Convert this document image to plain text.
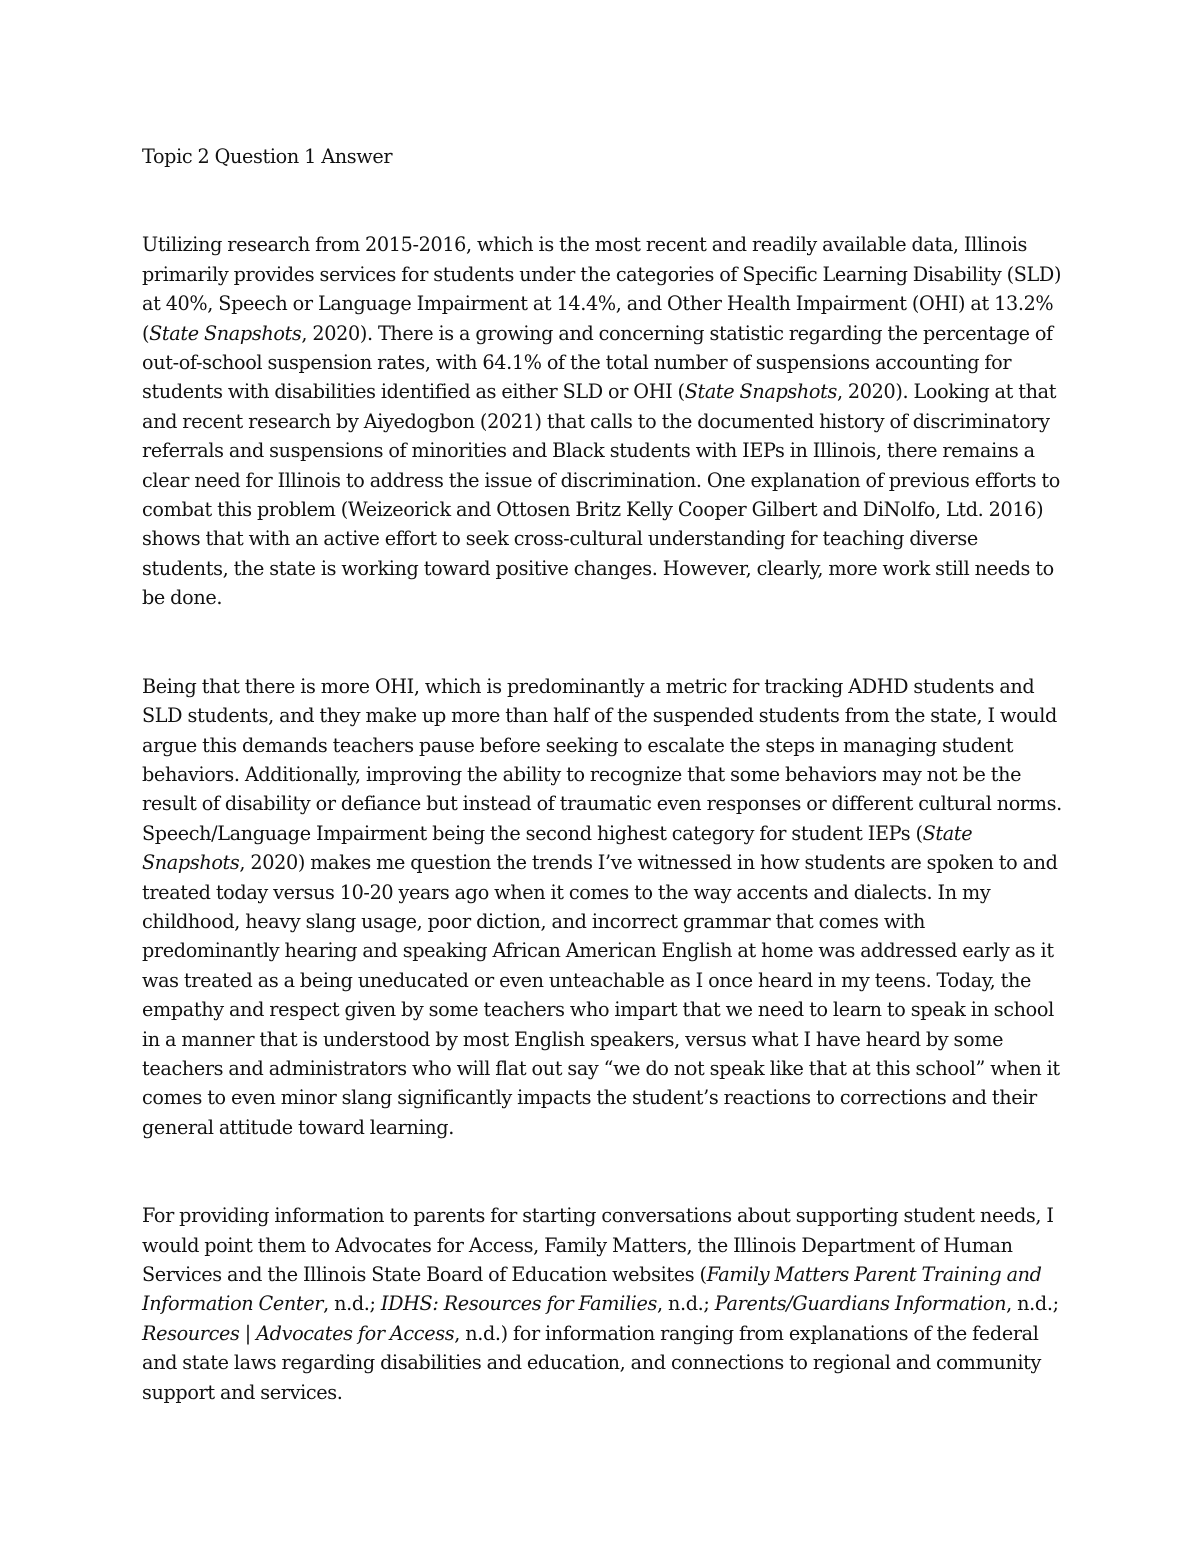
Topic 2 Question 1 Answer

Utilizing research from 2015-2016, which is the most recent and readily available data, Illinois primarily provides services for students under the categories of Specific Learning Disability (SLD) at 40%, Speech or Language Impairment at 14.4%, and Other Health Impairment (OHI) at 13.2% (State Snapshots, 2020). There is a growing and concerning statistic regarding the percentage of out-of-school suspension rates, with 64.1% of the total number of suspensions accounting for students with disabilities identified as either SLD or OHI (State Snapshots, 2020). Looking at that and recent research by Aiyedogbon (2021) that calls to the documented history of discriminatory referrals and suspensions of minorities and Black students with IEPs in Illinois, there remains a clear need for Illinois to address the issue of discrimination. One explanation of previous efforts to combat this problem (Weizeorick and Ottosen Britz Kelly Cooper Gilbert and DiNolfo, Ltd. 2016) shows that with an active effort to seek cross-cultural understanding for teaching diverse students, the state is working toward positive changes. However, clearly, more work still needs to be done.

Being that there is more OHI, which is predominantly a metric for tracking ADHD students and SLD students, and they make up more than half of the suspended students from the state, I would argue this demands teachers pause before seeking to escalate the steps in managing student behaviors. Additionally, improving the ability to recognize that some behaviors may not be the result of disability or defiance but instead of traumatic even responses or different cultural norms. Speech/Language Impairment being the second highest category for student IEPs (State Snapshots, 2020) makes me question the trends I’ve witnessed in how students are spoken to and treated today versus 10-20 years ago when it comes to the way accents and dialects. In my childhood, heavy slang usage, poor diction, and incorrect grammar that comes with predominantly hearing and speaking African American English at home was addressed early as it was treated as a being uneducated or even unteachable as I once heard in my teens. Today, the empathy and respect given by some teachers who impart that we need to learn to speak in school in a manner that is understood by most English speakers, versus what I have heard by some teachers and administrators who will flat out say “we do not speak like that at this school” when it comes to even minor slang significantly impacts the student’s reactions to corrections and their general attitude toward learning.

For providing information to parents for starting conversations about supporting student needs, I would point them to Advocates for Access, Family Matters, the Illinois Department of Human Services and the Illinois State Board of Education websites (Family Matters Parent Training and Information Center, n.d.; IDHS: Resources for Families, n.d.; Parents/Guardians Information, n.d.; Resources | Advocates for Access, n.d.) for information ranging from explanations of the federal and state laws regarding disabilities and education, and connections to regional and community support and services.
